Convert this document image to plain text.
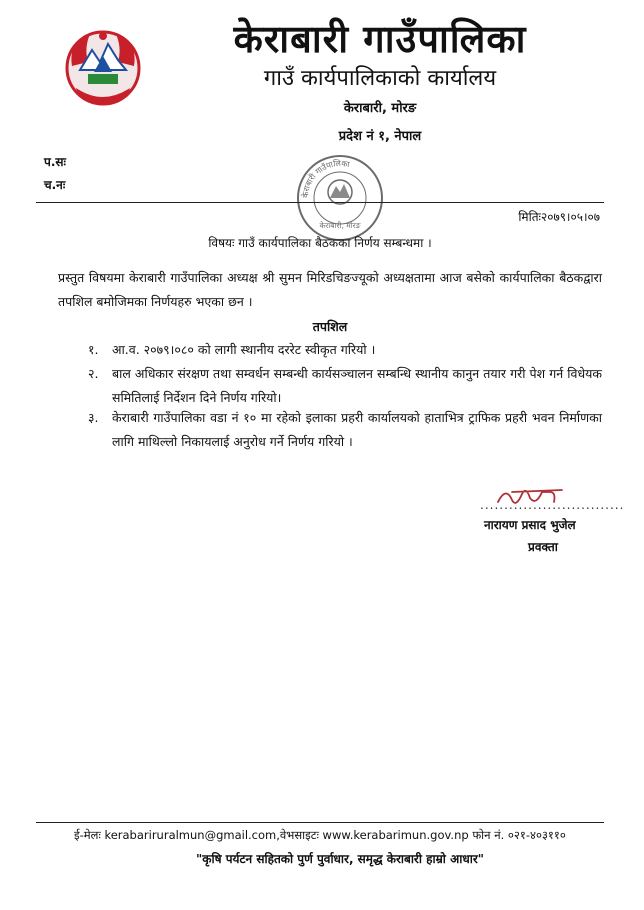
केराबारी गाउँपालिका
गाउँ कार्यपालिकाको कार्यालय
केराबारी, मोरङ
प्रदेश नं १, नेपाल
प.सः
च.नः
केराबारी गाउँपालिका
केराबारी, मोरङ
मितिः२०७९।०५।०७
विषयः गाउँ कार्यपालिका बैठकका निर्णय सम्बन्धमा ।
प्रस्तुत विषयमा केराबारी गाउँपालिका अध्यक्ष श्री सुमन मिरिडचिङज्यूको अध्यक्षतामा आज बसेको कार्यपालिका बैठकद्वारा तपशिल बमोजिमका निर्णयहरु भएका छन ।
तपशिल
१.	आ.व. २०७९।०८० को लागी स्थानीय दररेट स्वीकृत गरियो ।
२.	बाल अधिकार संरक्षण तथा सम्वर्धन सम्बन्धी कार्यसञ्चालन सम्बन्धि स्थानीय कानुन तयार गरी पेश गर्न विधेयक समितिलाई निर्देशन दिने निर्णय गरियो।
३.	केराबारी गाउँपालिका वडा नं १० मा रहेको इलाका प्रहरी कार्यालयको हाताभित्र ट्राफिक प्रहरी भवन निर्माणका लागि माथिल्लो निकायलाई अनुरोध गर्ने निर्णय गरियो ।
..............................
नारायण प्रसाद भुजेल
प्रवक्ता
ई-मेलः kerabariruralmun@gmail.com,वेभसाइटः www.kerabarimun.gov.np फोन नं. ०२१-४०३११०
"कृषि पर्यटन सहितको पुर्ण पुर्वाधार, समृद्ध केराबारी हाम्रो आधार"
